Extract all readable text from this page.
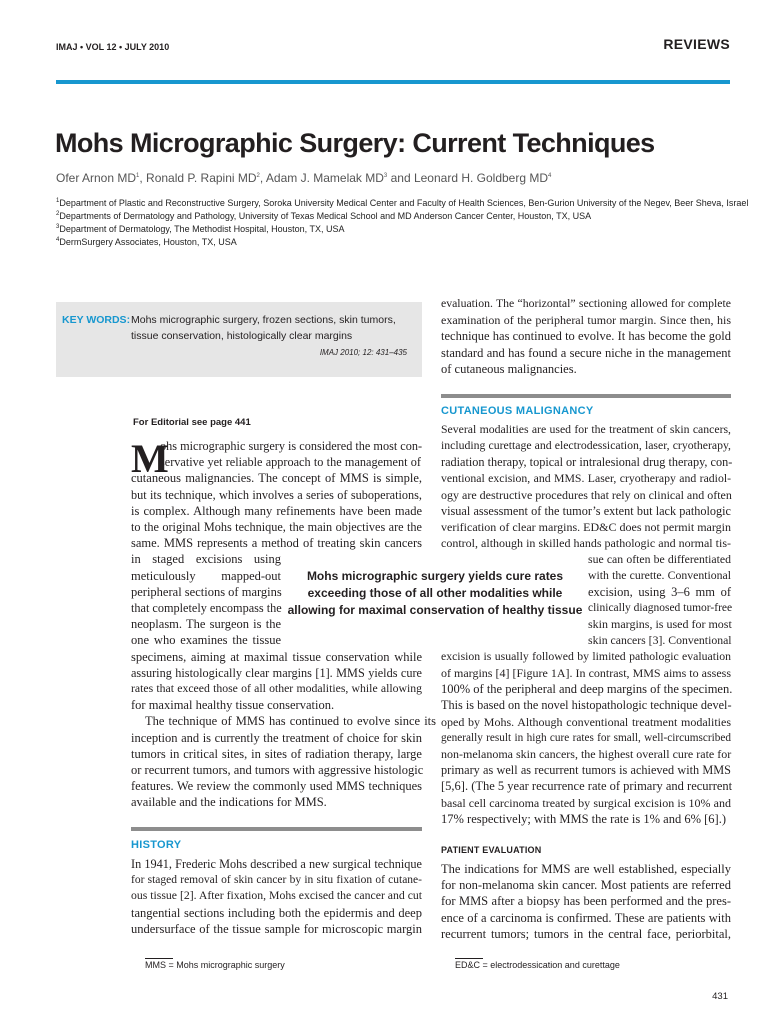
IMAJ • VOL 12 • JULY 2010	REVIEWS
Mohs Micrographic Surgery: Current Techniques
Ofer Arnon $MD^1$, Ronald P. Rapini $MD^2$, Adam J. Mamelak $MD^3$ and Leonard H. Goldberg $MD^4$
$^1$Department of Plastic and Reconstructive Surgery, Soroka University Medical Center and Faculty of Health Sciences, Ben-Gurion University of the Negev, Beer Sheva, Israel
$^2$Departments of Dermatology and Pathology, University of Texas Medical School and MD Anderson Cancer Center, Houston, TX, USA
$^3$Department of Dermatology, The Methodist Hospital, Houston, TX, USA
$^4$DermSurgery Associates, Houston, TX, USA
KEY WORDS: Mohs micrographic surgery, frozen sections, skin tumors,
tissue conservation, histologically clear margins
IMAJ 2010; 12: 431–435
For Editorial see page 441
M
ohs micrographic surgery is considered the most con-
servative yet reliable approach to the management of
cutaneous malignancies. The concept of MMS is simple,
but its technique, which involves a series of suboperations,
is complex. Although many refinements have been made
to the original Mohs technique, the main objectives are the
same. MMS represents a method of treating skin cancers
in staged excisions using
meticulously mapped-out
peripheral sections of margins
that completely encompass the
neoplasm. The surgeon is the
one who examines the tissue
specimens, aiming at maximal tissue conservation while
assuring histologically clear margins [1]. MMS yields cure
rates that exceed those of all other modalities, while allowing
for maximal healthy tissue conservation.
The technique of MMS has continued to evolve since its
inception and is currently the treatment of choice for skin
tumors in critical sites, in sites of radiation therapy, large
or recurrent tumors, and tumors with aggressive histologic
features. We review the commonly used MMS techniques
available and the indications for MMS.
Mohs micrographic surgery yields cure rates exceeding those of all other modalities while allowing for maximal conservation of healthy tissue
HISTORY
In 1941, Frederic Mohs described a new surgical technique
for staged removal of skin cancer by in situ fixation of cutane-
ous tissue [2]. After fixation, Mohs excised the cancer and cut
tangential sections including both the epidermis and deep
undersurface of the tissue sample for microscopic margin
evaluation. The “horizontal” sectioning allowed for complete
examination of the peripheral tumor margin. Since then, his
technique has continued to evolve. It has become the gold
standard and has found a secure niche in the management
of cutaneous malignancies.
CUTANEOUS MALIGNANCY
Several modalities are used for the treatment of skin cancers,
including curettage and electrodessication, laser, cryotherapy,
radiation therapy, topical or intralesional drug therapy, con-
ventional excision, and MMS. Laser, cryotherapy and radiol-
ogy are destructive procedures that rely on clinical and often
visual assessment of the tumor’s extent but lack pathologic
verification of clear margins. ED&C does not permit margin
control, although in skilled hands pathologic and normal tis-
sue can often be differentiated
with the curette. Conventional
excision, using 3–6 mm of
clinically diagnosed tumor-free
skin margins, is used for most
skin cancers [3]. Conventional
excision is usually followed by limited pathologic evaluation
of margins [4] [Figure 1A]. In contrast, MMS aims to assess
100% of the peripheral and deep margins of the specimen.
This is based on the novel histopathologic technique devel-
oped by Mohs. Although conventional treatment modalities
generally result in high cure rates for small, well-circumscribed
non-melanoma skin cancers, the highest overall cure rate for
primary as well as recurrent tumors is achieved with MMS
[5,6]. (The 5 year recurrence rate of primary and recurrent
basal cell carcinoma treated by surgical excision is 10% and
17% respectively; with MMS the rate is 1% and 6% [6].)
PATIENT EVALUATION
The indications for MMS are well established, especially
for non-melanoma skin cancer. Most patients are referred
for MMS after a biopsy has been performed and the pres-
ence of a carcinoma is confirmed. These are patients with
recurrent tumors; tumors in the central face, periorbital,
MMS = Mohs micrographic surgery	ED&C = electrodessication and curettage
431
